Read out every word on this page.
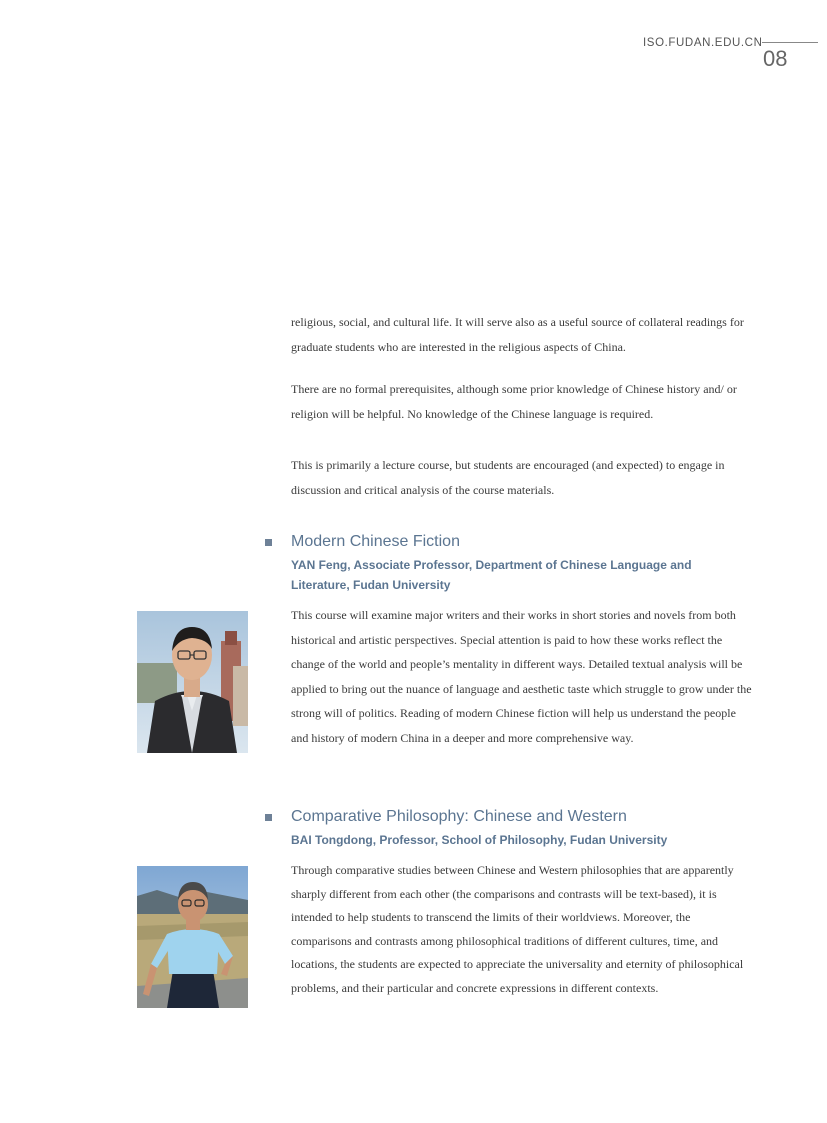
ISO.FUDAN.EDU.CN
08
religious, social, and cultural life. It will serve also as a useful source of collateral readings for graduate students who are interested in the religious aspects of China.
There are no formal prerequisites, although some prior knowledge of Chinese history and/ or religion will be helpful. No knowledge of the Chinese language is required.
This is primarily a lecture course, but students are encouraged (and expected) to engage in discussion and critical analysis of the course materials.
Modern Chinese Fiction
YAN Feng, Associate Professor, Department of Chinese Language and Literature, Fudan University
This course will examine major writers and their works in short stories and novels from both historical and artistic perspectives. Special attention is paid to how these works reflect the change of the world and people’s mentality in different ways. Detailed textual analysis will be applied to bring out the nuance of language and aesthetic taste which struggle to grow under the strong will of politics. Reading of modern Chinese fiction will help us understand the people and history of modern China in a deeper and more comprehensive way.
Comparative Philosophy: Chinese and Western
BAI Tongdong, Professor, School of Philosophy, Fudan University
Through comparative studies between Chinese and Western philosophies that are apparently sharply different from each other (the comparisons and contrasts will be text-based), it is intended to help students to transcend the limits of their worldviews. Moreover, the comparisons and contrasts among philosophical traditions of different cultures, time, and locations, the students are expected to appreciate the universality and eternity of philosophical problems, and their particular and concrete expressions in different contexts.
